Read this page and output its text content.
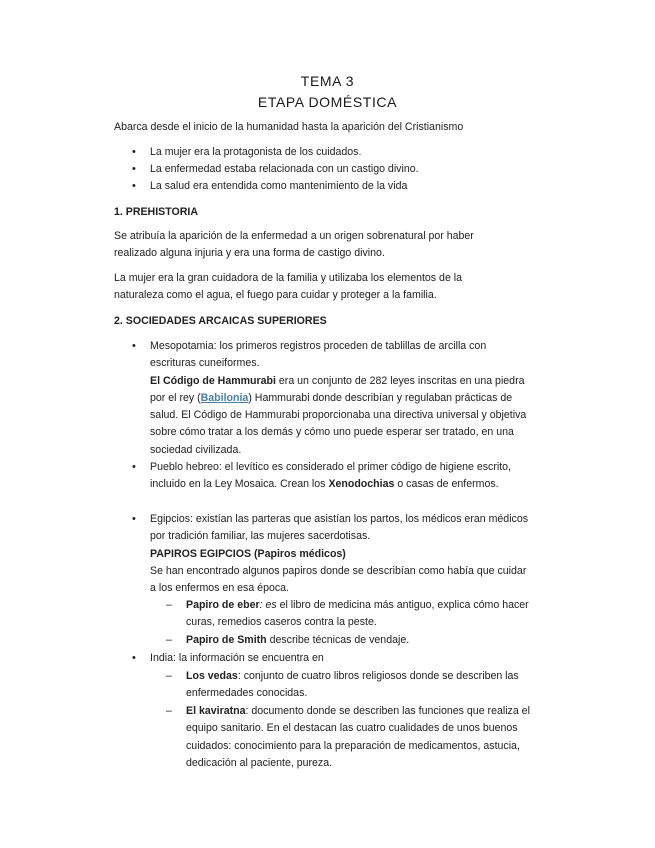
TEMA 3
ETAPA DOMÉSTICA

Abarca desde el inicio de la humanidad hasta la aparición del Cristianismo

• La mujer era la protagonista de los cuidados.
• La enfermedad estaba relacionada con un castigo divino.
• La salud era entendida como mantenimiento de la vida
1. PREHISTORIA

Se atribuía la aparición de la enfermedad a un origen sobrenatural por haber realizado alguna injuria y era una forma de castigo divino.

La mujer era la gran cuidadora de la familia y utilizaba los elementos de la naturaleza como el agua, el fuego para cuidar y proteger a la familia.

2. SOCIEDADES ARCAICAS SUPERIORES
• Mesopotamia: los primeros registros proceden de tablillas de arcilla con escrituras cuneiformes.
El Código de Hammurabi era un conjunto de 282 leyes inscritas en una piedra por el rey (Babilonia) Hammurabi donde describían y regulaban prácticas de salud. El Código de Hammurabi proporcionaba una directiva universal y objetiva sobre cómo tratar a los demás y cómo uno puede esperar ser tratado, en una sociedad civilizada.
• Pueblo hebreo: el levítico es considerado el primer código de higiene escrito, incluido en la Ley Mosaica. Crean los Xenodochias o casas de enfermos.
• Egipcios: existían las parteras que asistían los partos, los médicos eran médicos por tradición familiar, las mujeres sacerdotisas.
PAPIROS EGIPCIOS (Papiros médicos)
Se han encontrado algunos papiros donde se describían como había que cuidar a los enfermos en esa época.
– Papiro de eber: es el libro de medicina más antiguo, explica cómo hacer curas, remedios caseros contra la peste.
– Papiro de Smith describe técnicas de vendaje.
• India: la información se encuentra en
– Los vedas: conjunto de cuatro libros religiosos donde se describen las enfermedades conocidas.
– El kaviratna: documento donde se describen las funciones que realiza el equipo sanitario. En el destacan las cuatro cualidades de unos buenos cuidados: conocimiento para la preparación de medicamentos, astucia, dedicación al paciente, pureza.
